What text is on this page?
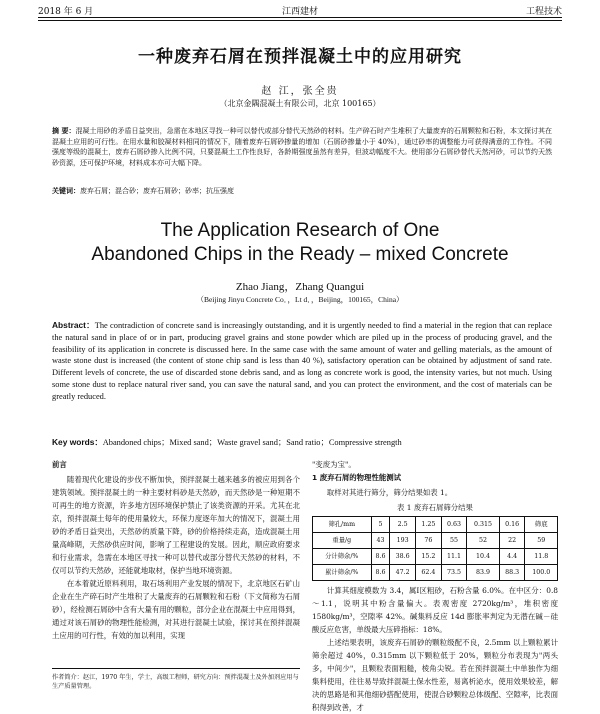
2018 年 6 月	江西建材	工程技术
一种废弃石屑在预拌混凝土中的应用研究
赵 江，张全贵
（北京金隅混凝土有限公司，北京 100165）
摘 要：混凝土用砂的矛盾日益突出，急需在本地区寻找一种可以替代或部分替代天然砂的材料。生产碎石时产生堆积了大量废弃的石屑颗粒和石粉，本文探讨其在混凝土应用的可行性。在用水量和胶凝材料相同的情况下，随着废弃石屑砂掺量的增加（石屑砂掺量小于 40%），通过砂率的调整能力可获得满意的工作性。不同强度等级的混凝土，废弃石屑砂掺入比例不同，只要混凝土工作性良好，各龄期强度虽然有差异，但波动幅度不大。使用部分石屑砂替代天然河砂，可以节约天然砂资源，还可保护环境，材料成本亦可大幅下降。
关键词：废弃石屑；混合砂；废弃石屑砂；砂率；抗压强度
The Application Research of One
Abandoned Chips in the Ready – mixed Concrete
Zhao Jiang，Zhang Quangui
（Beijing Jinyu Concrete Co．，Lt d．，Beijing，100165，China）
Abstract：The contradiction of concrete sand is increasingly outstanding, and it is urgently needed to find a material in the region that can replace the natural sand in place of or in part, producing gravel grains and stone powder which are piled up in the process of producing gravel, and the feasibility of its application in concrete is discussed here. In the same case with the same amount of water and gelling materials, as the amount of waste stone dust is increased (the content of stone chip sand is less than 40 %), satisfactory operation can be obtained by adjustment of sand rate. Different levels of concrete, the use of discarded stone debris sand, and as long as concrete work is good, the intensity varies, but not much. Using some stone dust to replace natural river sand, you can save the natural sand, and you can protect the environment, and the cost of materials can be greatly reduced.
Key words：Abandoned chips；Mixed sand；Waste gravel sand；Sand ratio；Compressive strength
前言

随着现代化建设的步伐不断加快，预拌混凝土越来越多的被应用到各个建筑领域。预拌混凝土的一种主要材料砂是天然砂，而天然砂是一种短期不可再生的地方资源，许多地方因环境保护禁止了该类资源的开采。尤其在北京，预拌混凝土每年的使用量较大，环保力度逐年加大的情况下，混凝土用砂的矛盾日益突出，天然砂的质量下降，砂的价格持续走高，造成混凝土用量高峰期，天然砂供应时间，影响了工程建设的发展。因此，顺应政府要求和行业需求，急需在本地区寻找一种可以替代或部分替代天然砂的材料，不仅可以节约天然砂，还能就地取材，保护当地环境资源。

在本着就近原料利用，取石场利用产业发展的情况下，北京地区石矿山企业在生产碎石时产生堆积了大量废弃的石屑颗粒和石粉（下文简称为石屑砂），经检测石屑砂中含有大量有用的颗粒，部分企业在混凝土中应用得到，通过对该石屑砂的物理性能检测，对其进行混凝土试验，探讨其在预拌混凝土应用的可行性，有效的加以利用，实现

"变废为宝"。
1 废弃石屑的物理性能测试

取样对其进行筛分，筛分结果如表 1。

表 1 废弃石屑筛分结果
筛孔/mm	5	2.5	1.25	0.63	0.315	0.16	筛底
重量/g	43	193	76	55	52	22	59
分计筛余/%	8.6	38.6	15.2	11.1	10.4	4.4	11.8
累计筛余/%	8.6	47.2	62.4	73.5	83.9	88.3	100.0

计算其细度模数为 3.4，属Ⅰ区粗砂，石粉含量 6.0%。在中区分：0.8～1.1，说明其中粉含量偏大。表观密度 2720kg/m³，堆积密度 1580kg/m³，空隙率 42%。碱集料反应 14d 膨胀率判定为无潜在碱－硅酸反应危害，单级最大压碎指标：18%。

上述结果表明，该废弃石屑砂的颗粒级配不良，2.5mm 以上颗粒累计筛余超过 40%，0.315mm 以下颗粒低于 20%，颗粒分布表现为"两头多，中间少"，且颗粒表面粗糙，棱角尖锐。若在预拌混凝土中单独作为细集料使用，往往易导致拌混凝土保水性差，易离析泌水，使用效果较差，解决的思路是和其他细砂搭配使用，使混合砂颗粒总体级配、空隙率，比表面积得到改善，才

作者简介：赵江，1970 年生，学士，高级工程师，研究方向：预拌混凝土及外加剂应用与生产质量管理。
